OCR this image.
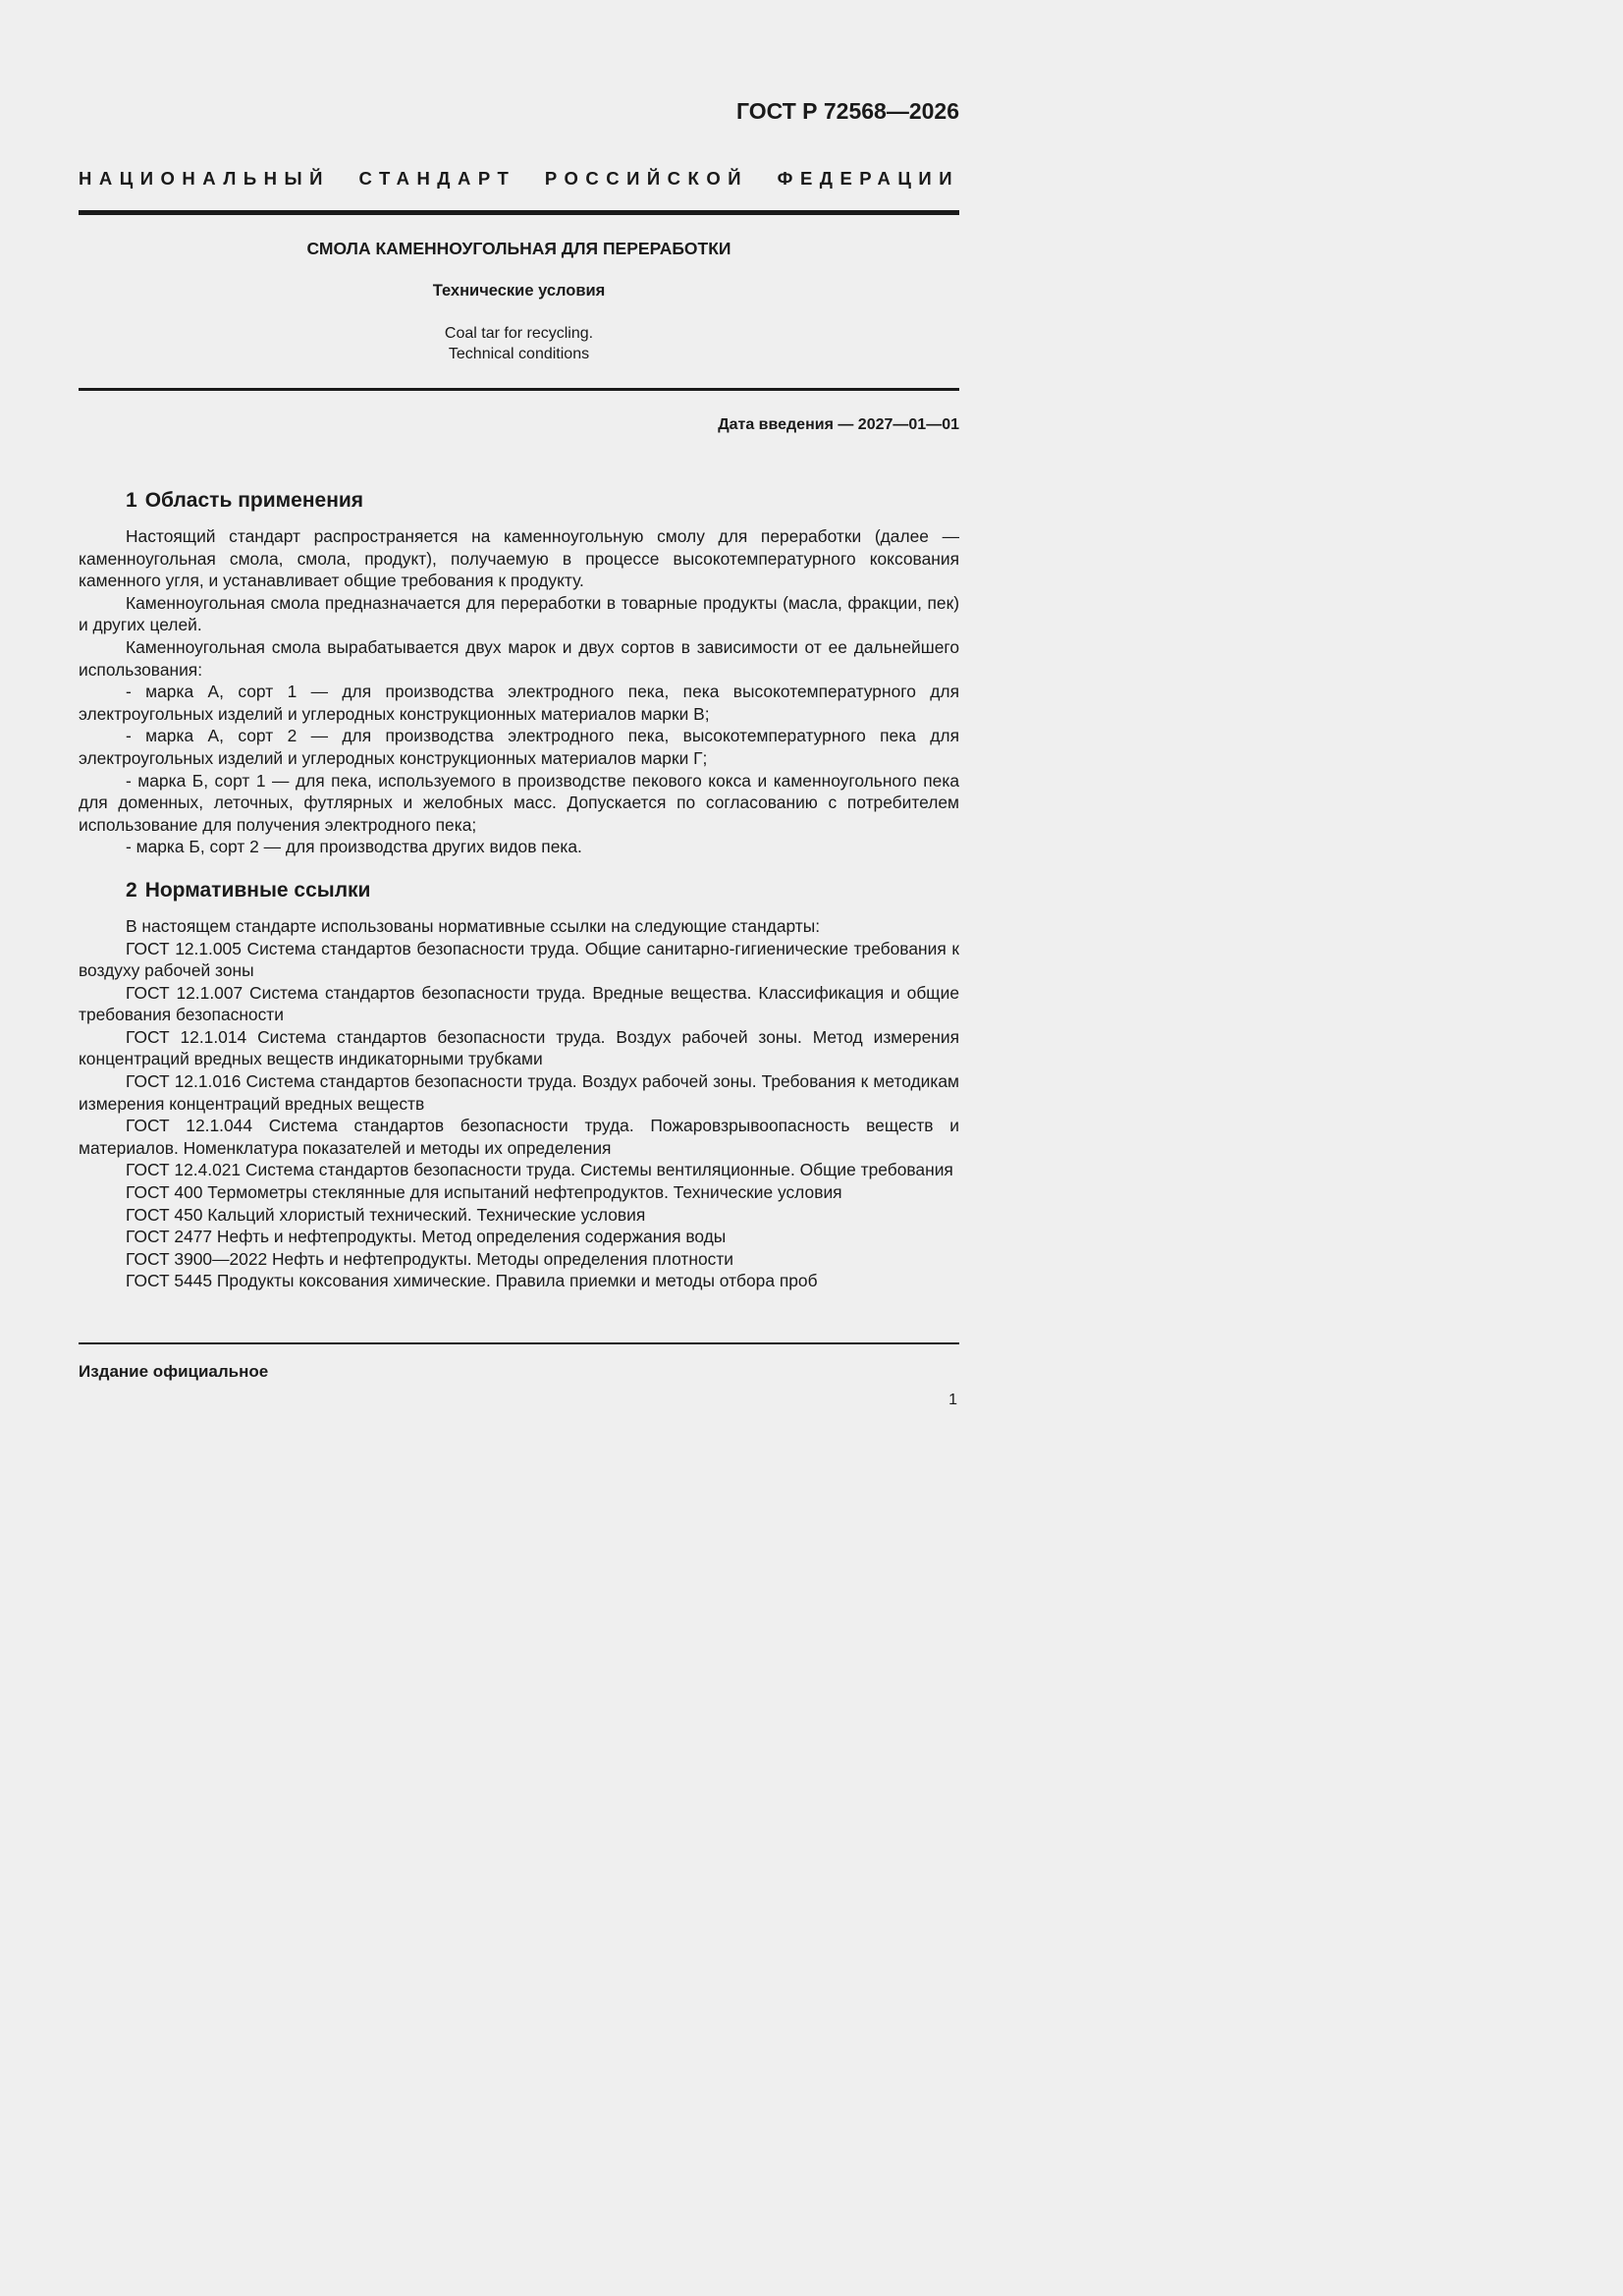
ГОСТ Р 72568—2026

НАЦИОНАЛЬНЫЙ СТАНДАРТ РОССИЙСКОЙ ФЕДЕРАЦИИ

СМОЛА КАМЕННОУГОЛЬНАЯ ДЛЯ ПЕРЕРАБОТКИ

Технические условия

Coal tar for recycling.
Technical conditions

Дата введения — 2027—01—01

1 Область применения

Настоящий стандарт распространяется на каменноугольную смолу для переработки (далее — каменноугольная смола, смола, продукт), получаемую в процессе высокотемпературного коксования каменного угля, и устанавливает общие требования к продукту.

Каменноугольная смола предназначается для переработки в товарные продукты (масла, фракции, пек) и других целей.

Каменноугольная смола вырабатывается двух марок и двух сортов в зависимости от ее дальнейшего использования:

- марка А, сорт 1 — для производства электродного пека, пека высокотемпературного для электроугольных изделий и углеродных конструкционных материалов марки В;

- марка А, сорт 2 — для производства электродного пека, высокотемпературного пека для электроугольных изделий и углеродных конструкционных материалов марки Г;

- марка Б, сорт 1 — для пека, используемого в производстве пекового кокса и каменноугольного пека для доменных, леточных, футлярных и желобных масс. Допускается по согласованию с потребителем использование для получения электродного пека;

- марка Б, сорт 2 — для производства других видов пека.

2 Нормативные ссылки

В настоящем стандарте использованы нормативные ссылки на следующие стандарты:

ГОСТ 12.1.005 Система стандартов безопасности труда. Общие санитарно-гигиенические требования к воздуху рабочей зоны

ГОСТ 12.1.007 Система стандартов безопасности труда. Вредные вещества. Классификация и общие требования безопасности

ГОСТ 12.1.014 Система стандартов безопасности труда. Воздух рабочей зоны. Метод измерения концентраций вредных веществ индикаторными трубками

ГОСТ 12.1.016 Система стандартов безопасности труда. Воздух рабочей зоны. Требования к методикам измерения концентраций вредных веществ

ГОСТ 12.1.044 Система стандартов безопасности труда. Пожаровзрывоопасность веществ и материалов. Номенклатура показателей и методы их определения

ГОСТ 12.4.021 Система стандартов безопасности труда. Системы вентиляционные. Общие требования

ГОСТ 400 Термометры стеклянные для испытаний нефтепродуктов. Технические условия

ГОСТ 450 Кальций хлористый технический. Технические условия

ГОСТ 2477 Нефть и нефтепродукты. Метод определения содержания воды

ГОСТ 3900—2022 Нефть и нефтепродукты. Методы определения плотности

ГОСТ 5445 Продукты коксования химические. Правила приемки и методы отбора проб

Издание официальное

1
